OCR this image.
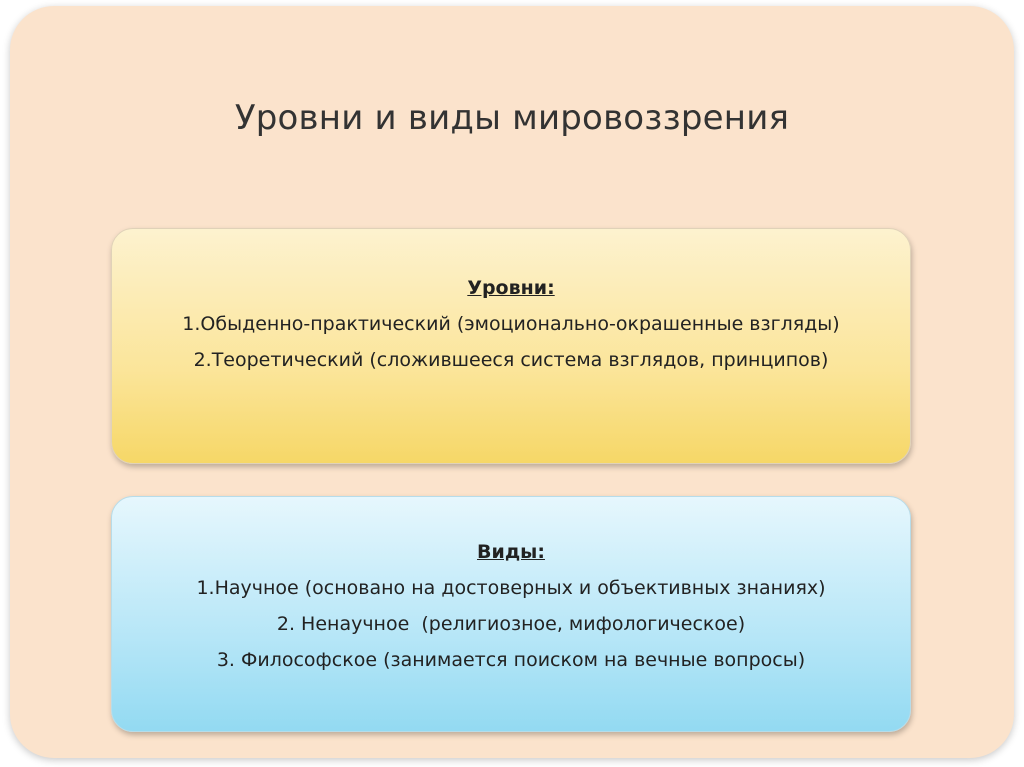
Уровни и виды мировоззрения
Уровни:
1.Обыденно-практический (эмоционально-окрашенные взгляды)
2.Теоретический (сложившееся система взглядов, принципов)
Виды:
1.Научное (основано на достоверных и объективных знаниях)
2. Ненаучное  (религиозное, мифологическое)
3. Философское (занимается поиском на вечные вопросы)
